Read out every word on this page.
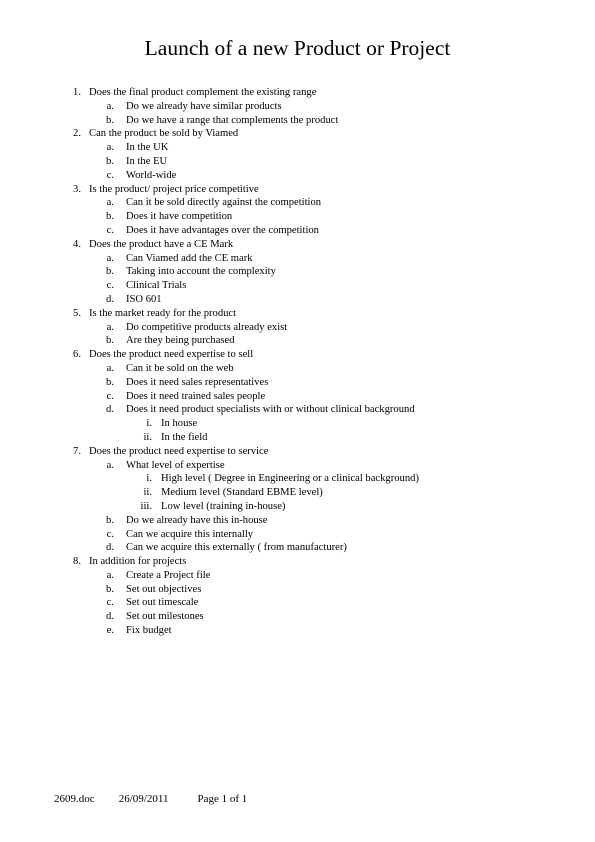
Launch of a new Product or Project
1. Does the final product complement the existing range
a. Do we already have similar products
b. Do we have a range that complements the product
2. Can the product be sold by Viamed
a. In the UK
b. In the EU
c. World-wide
3. Is the product/ project price competitive
a. Can it be sold directly against the competition
b. Does it have competition
c. Does it have advantages over the competition
4. Does the product have a CE Mark
a. Can Viamed add the CE mark
b. Taking into account the complexity
c. Clinical Trials
d. ISO 601
5. Is the market ready for the product
a. Do competitive products already exist
b. Are they being purchased
6. Does the product need expertise to sell
a. Can it be sold on the web
b. Does it need sales representatives
c. Does it need trained sales people
d. Does it need product specialists with or without clinical background
i. In house
ii. In the field
7. Does the product need expertise to service
a. What level of expertise
i. High level ( Degree in Engineering or a clinical background)
ii. Medium level (Standard EBME level)
iii. Low level (training in-house)
b. Do we already have this in-house
c. Can we acquire this internally
d. Can we acquire this externally ( from manufacturer)
8. In addition for projects
a. Create a Project file
b. Set out objectives
c. Set out timescale
d. Set out milestones
e. Fix budget
2609.doc 26/09/2011	Page 1 of 1
